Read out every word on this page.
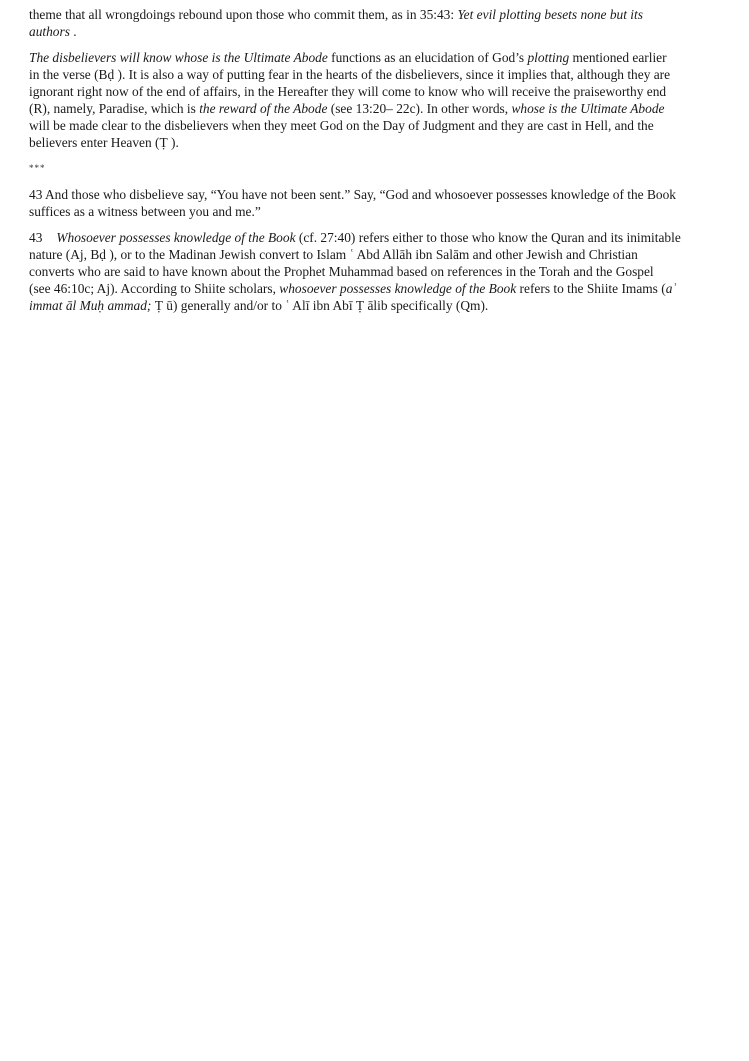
theme that all wrongdoings rebound upon those who commit them, as in 35:43: Yet evil plotting besets none but its
authors .
The disbelievers will know whose is the Ultimate Abode functions as an elucidation of God’s plotting mentioned earlier
in the verse (Bḍ ). It is also a way of putting fear in the hearts of the disbelievers, since it implies that, although they are
ignorant right now of the end of affairs, in the Hereafter they will come to know who will receive the praiseworthy end
(R), namely, Paradise, which is the reward of the Abode (see 13:20– 22c). In other words, whose is the Ultimate Abode
will be made clear to the disbelievers when they meet God on the Day of Judgment and they are cast in Hell, and the
believers enter Heaven (Ṭ ).
***
43 And those who disbelieve say, “You have not been sent.” Say, “God and whosoever possesses knowledge of the Book
suffices as a witness between you and me.”
43 Whosoever possesses knowledge of the Book (cf. 27:40) refers either to those who know the Quran and its inimitable
nature (Aj, Bḍ ), or to the Madinan Jewish convert to Islam ʿ Abd Allāh ibn Salām and other Jewish and Christian
converts who are said to have known about the Prophet Muhammad based on references in the Torah and the Gospel
(see 46:10c; Aj). According to Shiite scholars, whosoever possesses knowledge of the Book refers to the Shiite Imams (aʾ
immat āl Muḥ ammad; Ṭ ū) generally and/or to ʿ Alī ibn Abī Ṭ ālib specifically (Qm).
